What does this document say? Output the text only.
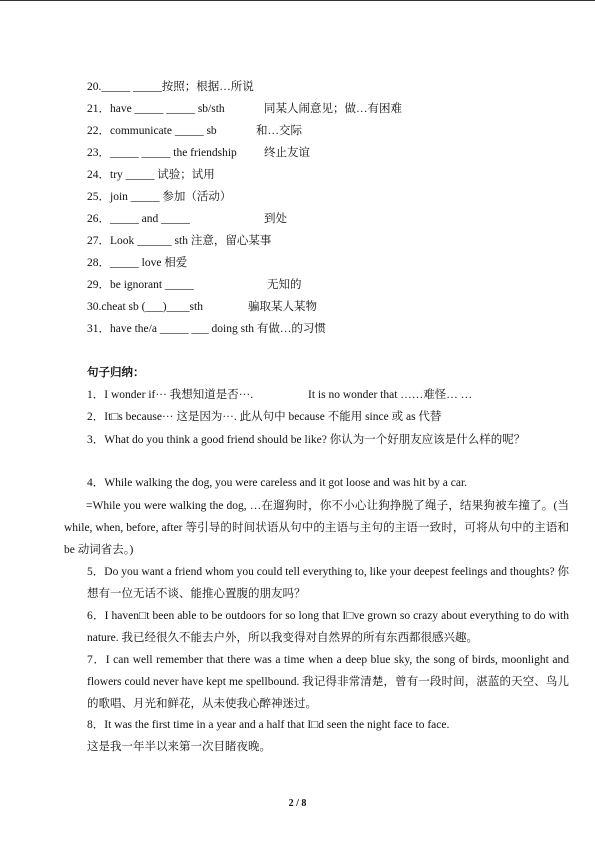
20._____ _____按照；根据…所说
21．have _____ _____ sb/sth	同某人闹意见；做…有困难
22．communicate _____ sb	和…交际
23．_____ _____ the friendship 终止友谊
24．try _____ 试验；试用
25．join _____ 参加（活动）
26．_____ and _____	到处
27．Look ______ sth 注意，留心某事
28．_____ love 相爱
29．be ignorant _____	无知的
30.cheat sb (___)____sth	骗取某人某物
31．have the/a _____ ___ doing sth 有做…的习惯
句子归纳：
1．I wonder if··· 我想知道是否···.	It is no wonder that ……难怪… …
2．It□s because··· 这是因为···. 此从句中 because 不能用 since 或 as 代替
3．What do you think a good friend should be like? 你认为一个好朋友应该是什么样的呢？
4．While walking the dog, you were careless and it got loose and was hit by a car.
=While you were walking the dog, …在遛狗时，你不小心让狗挣脱了绳子，结果狗被车撞了。(当 while, when, before, after 等引导的时间状语从句中的主语与主句的主语一致时，可将从句中的主语和 be 动词省去。)
5．Do you want a friend whom you could tell everything to, like your deepest feelings and thoughts? 你想有一位无话不谈、能推心置腹的朋友吗？
6．I haven□t been able to be outdoors for so long that I□ve grown so crazy about everything to do with nature. 我已经很久不能去户外，所以我变得对自然界的所有东西都很感兴趣。
7．I can well remember that there was a time when a deep blue sky, the song of birds, moonlight and flowers could never have kept me spellbound. 我记得非常清楚，曾有一段时间，湛蓝的天空、鸟儿的歌唱、月光和鲜花，从未使我心醉神迷过。
8．It was the first time in a year and a half that I□d seen the night face to face.
这是我一年半以来第一次目睹夜晚。
2 / 8
